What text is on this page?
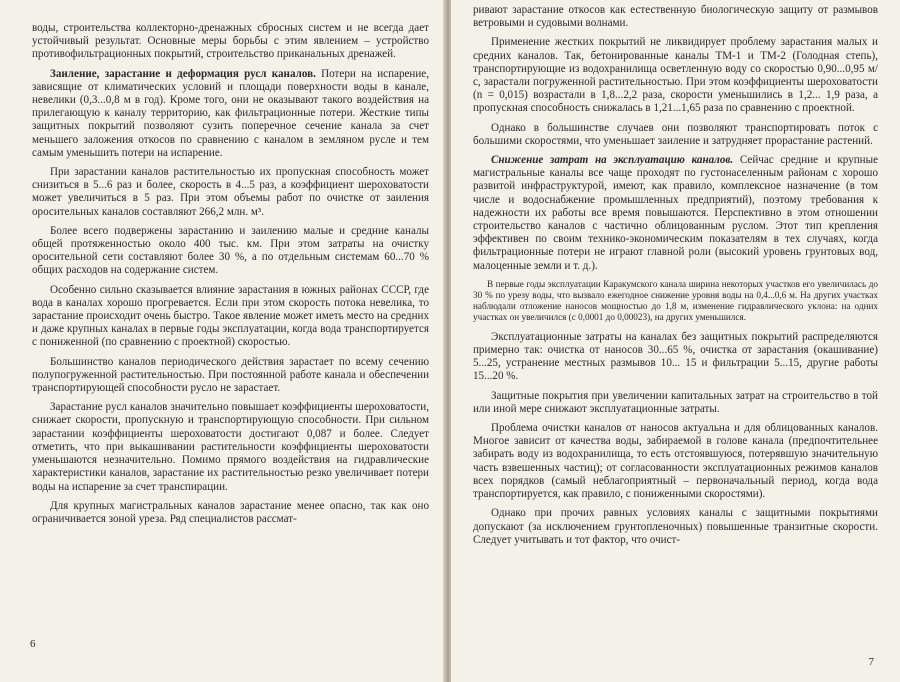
воды, строительства коллекторно-дренажных сбросных систем и не всегда дает устойчивый результат. Основные меры борьбы с этим явлением – устройство противофильтрационных покрытий, строительство приканальных дренажей.

Заиление, зарастание и деформация русл каналов. Потери на испарение, зависящие от климатических условий и площади поверхности воды в канале, невелики (0,3...0,8 м в год). Кроме того, они не оказывают такого воздействия на прилегающую к каналу территорию, как фильтрационные потери. Жесткие типы защитных покрытий позволяют сузить поперечное сечение канала за счет меньшего заложения откосов по сравнению с каналом в земляном русле и тем самым уменьшить потери на испарение.

При зарастании каналов растительностью их пропускная способность может снизиться в 5...6 раз и более, скорость в 4...5 раз, а коэффициент шероховатости может увеличиться в 5 раз. При этом объемы работ по очистке от заиления оросительных каналов составляют 266,2 млн. м³.

Более всего подвержены зарастанию и заилению малые и средние каналы общей протяженностью около 400 тыс. км. При этом затраты на очистку оросительной сети составляют более 30 %, а по отдельным системам 60...70 % общих расходов на содержание систем.

Особенно сильно сказывается влияние зарастания в южных районах СССР, где вода в каналах хорошо прогревается. Если при этом скорость потока невелика, то зарастание происходит очень быстро. Такое явление может иметь место на средних и даже крупных каналах в первые годы эксплуатации, когда вода транспортируется с пониженной (по сравнению с проектной) скоростью.

Большинство каналов периодического действия зарастает по всему сечению полупогруженной растительностью. При постоянной работе канала и обеспечении транспортирующей способности русло не зарастает.

Зарастание русл каналов значительно повышает коэффициенты шероховатости, снижает скорости, пропускную и транспортирующую способности. При сильном зарастании коэффициенты шероховатости достигают 0,087 и более. Следует отметить, что при выкашивании растительности коэффициенты шероховатости уменьшаются незначительно. Помимо прямого воздействия на гидравлические характеристики каналов, зарастание их растительностью резко увеличивает потери воды на испарение за счет транспирации.

Для крупных магистральных каналов зарастание менее опасно, так как оно ограничивается зоной уреза. Ряд специалистов рассмат-

6

ривают зарастание откосов как естественную биологическую защиту от размывов ветровыми и судовыми волнами.

Применение жестких покрытий не ликвидирует проблему зарастания малых и средних каналов. Так, бетонированные каналы ТМ-1 и ТМ-2 (Голодная степь), транспортирующие из водохранилища осветленную воду со скоростью 0,90...0,95 м/с, зарастали погруженной растительностью. При этом коэффициенты шероховатости (n = 0,015) возрастали в 1,8...2,2 раза, скорости уменьшились в 1,2... 1,9 раза, а пропускная способность снижалась в 1,21...1,65 раза по сравнению с проектной.

Однако в большинстве случаев они позволяют транспортировать поток с большими скоростями, что уменьшает заиление и затрудняет прорастание растений.

Снижение затрат на эксплуатацию каналов. Сейчас средние и крупные магистральные каналы все чаще проходят по густонаселенным районам с хорошо развитой инфраструктурой, имеют, как правило, комплексное назначение (в том числе и водоснабжение промышленных предприятий), поэтому требования к надежности их работы все время повышаются. Перспективно в этом отношении строительство каналов с частично облицованным руслом. Этот тип крепления эффективен по своим технико-экономическим показателям в тех случаях, когда фильтрационные потери не играют главной роли (высокий уровень грунтовых вод, малоценные земли и т. д.).

В первые годы эксплуатации Каракумского канала ширина некоторых участков его увеличилась до 30 % по урезу воды, что вызвало ежегодное снижение уровня воды на 0,4...0,6 м. На других участках наблюдали отложение наносов мощностью до 1,8 м, изменение гидравлического уклона: на одних участках он увеличился (с 0,0001 до 0,00023), на других уменьшился.

Эксплуатационные затраты на каналах без защитных покрытий распределяются примерно так: очистка от наносов 30...65 %, очистка от зарастания (окашивание) 5...25, устранение местных размывов 10... 15 и фильтрации 5...15, другие работы 15...20 %.

Защитные покрытия при увеличении капитальных затрат на строительство в той или иной мере снижают эксплуатационные затраты.

Проблема очистки каналов от наносов актуальна и для облицованных каналов. Многое зависит от качества воды, забираемой в голове канала (предпочтительнее забирать воду из водохранилища, то есть отстоявшуюся, потерявшую значительную часть взвешенных частиц); от согласованности эксплуатационных режимов каналов всех порядков (самый неблагоприятный – первоначальный период, когда вода транспортируется, как правило, с пониженными скоростями).

Однако при прочих равных условиях каналы с защитными покрытиями допускают (за исключением грунтопленочных) повышенные транзитные скорости. Следует учитывать и тот фактор, что очист-

7
